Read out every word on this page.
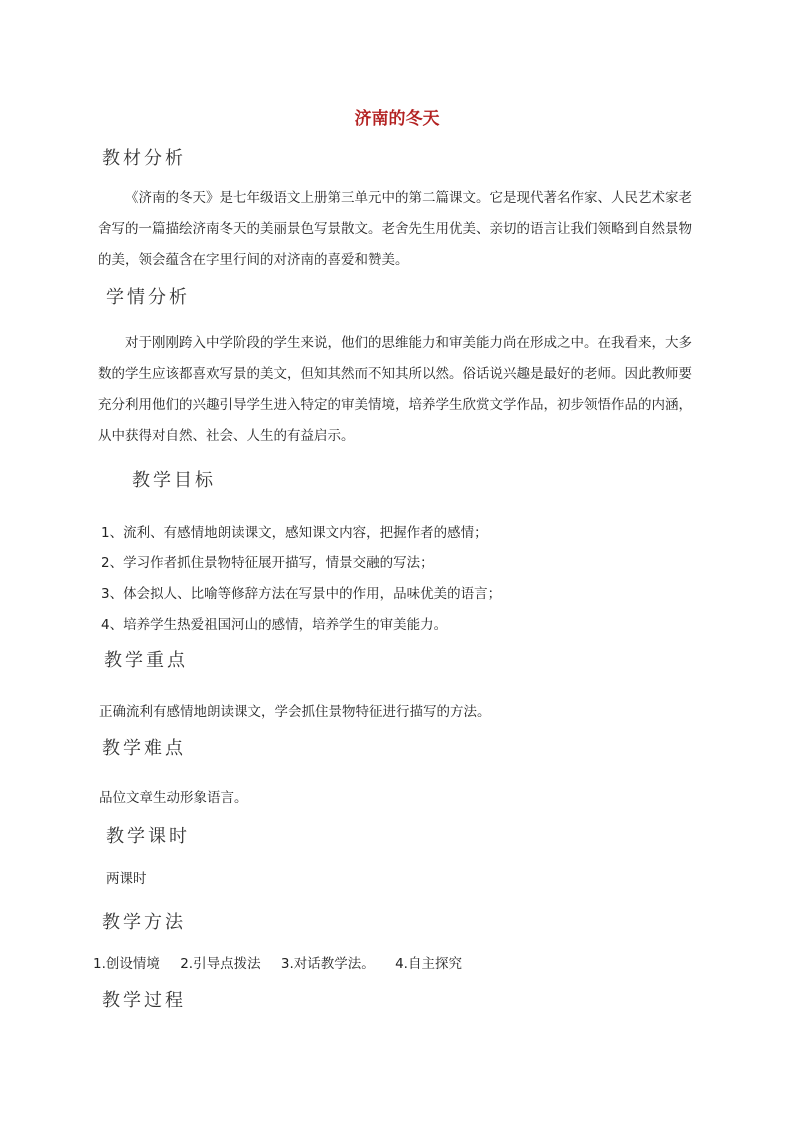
济南的冬天
教材分析
《济南的冬天》是七年级语文上册第三单元中的第二篇课文。它是现代著名作家、人民艺术家老舍写的一篇描绘济南冬天的美丽景色写景散文。老舍先生用优美、亲切的语言让我们领略到自然景物的美，领会蕴含在字里行间的对济南的喜爱和赞美。
学情分析
对于刚刚跨入中学阶段的学生来说，他们的思维能力和审美能力尚在形成之中。在我看来，大多数的学生应该都喜欢写景的美文，但知其然而不知其所以然。俗话说兴趣是最好的老师。因此教师要充分利用他们的兴趣引导学生进入特定的审美情境，培养学生欣赏文学作品，初步领悟作品的内涵，从中获得对自然、社会、人生的有益启示。
教学目标
1、流利、有感情地朗读课文，感知课文内容，把握作者的感情；
2、学习作者抓住景物特征展开描写，情景交融的写法；
3、体会拟人、比喻等修辞方法在写景中的作用，品味优美的语言；
4、培养学生热爱祖国河山的感情，培养学生的审美能力。
教学重点
正确流利有感情地朗读课文，学会抓住景物特征进行描写的方法。
教学难点
品位文章生动形象语言。
教学课时
两课时
教学方法
1.创设情境 2.引导点拨法 3.对话教学法。 4.自主探究
教学过程
